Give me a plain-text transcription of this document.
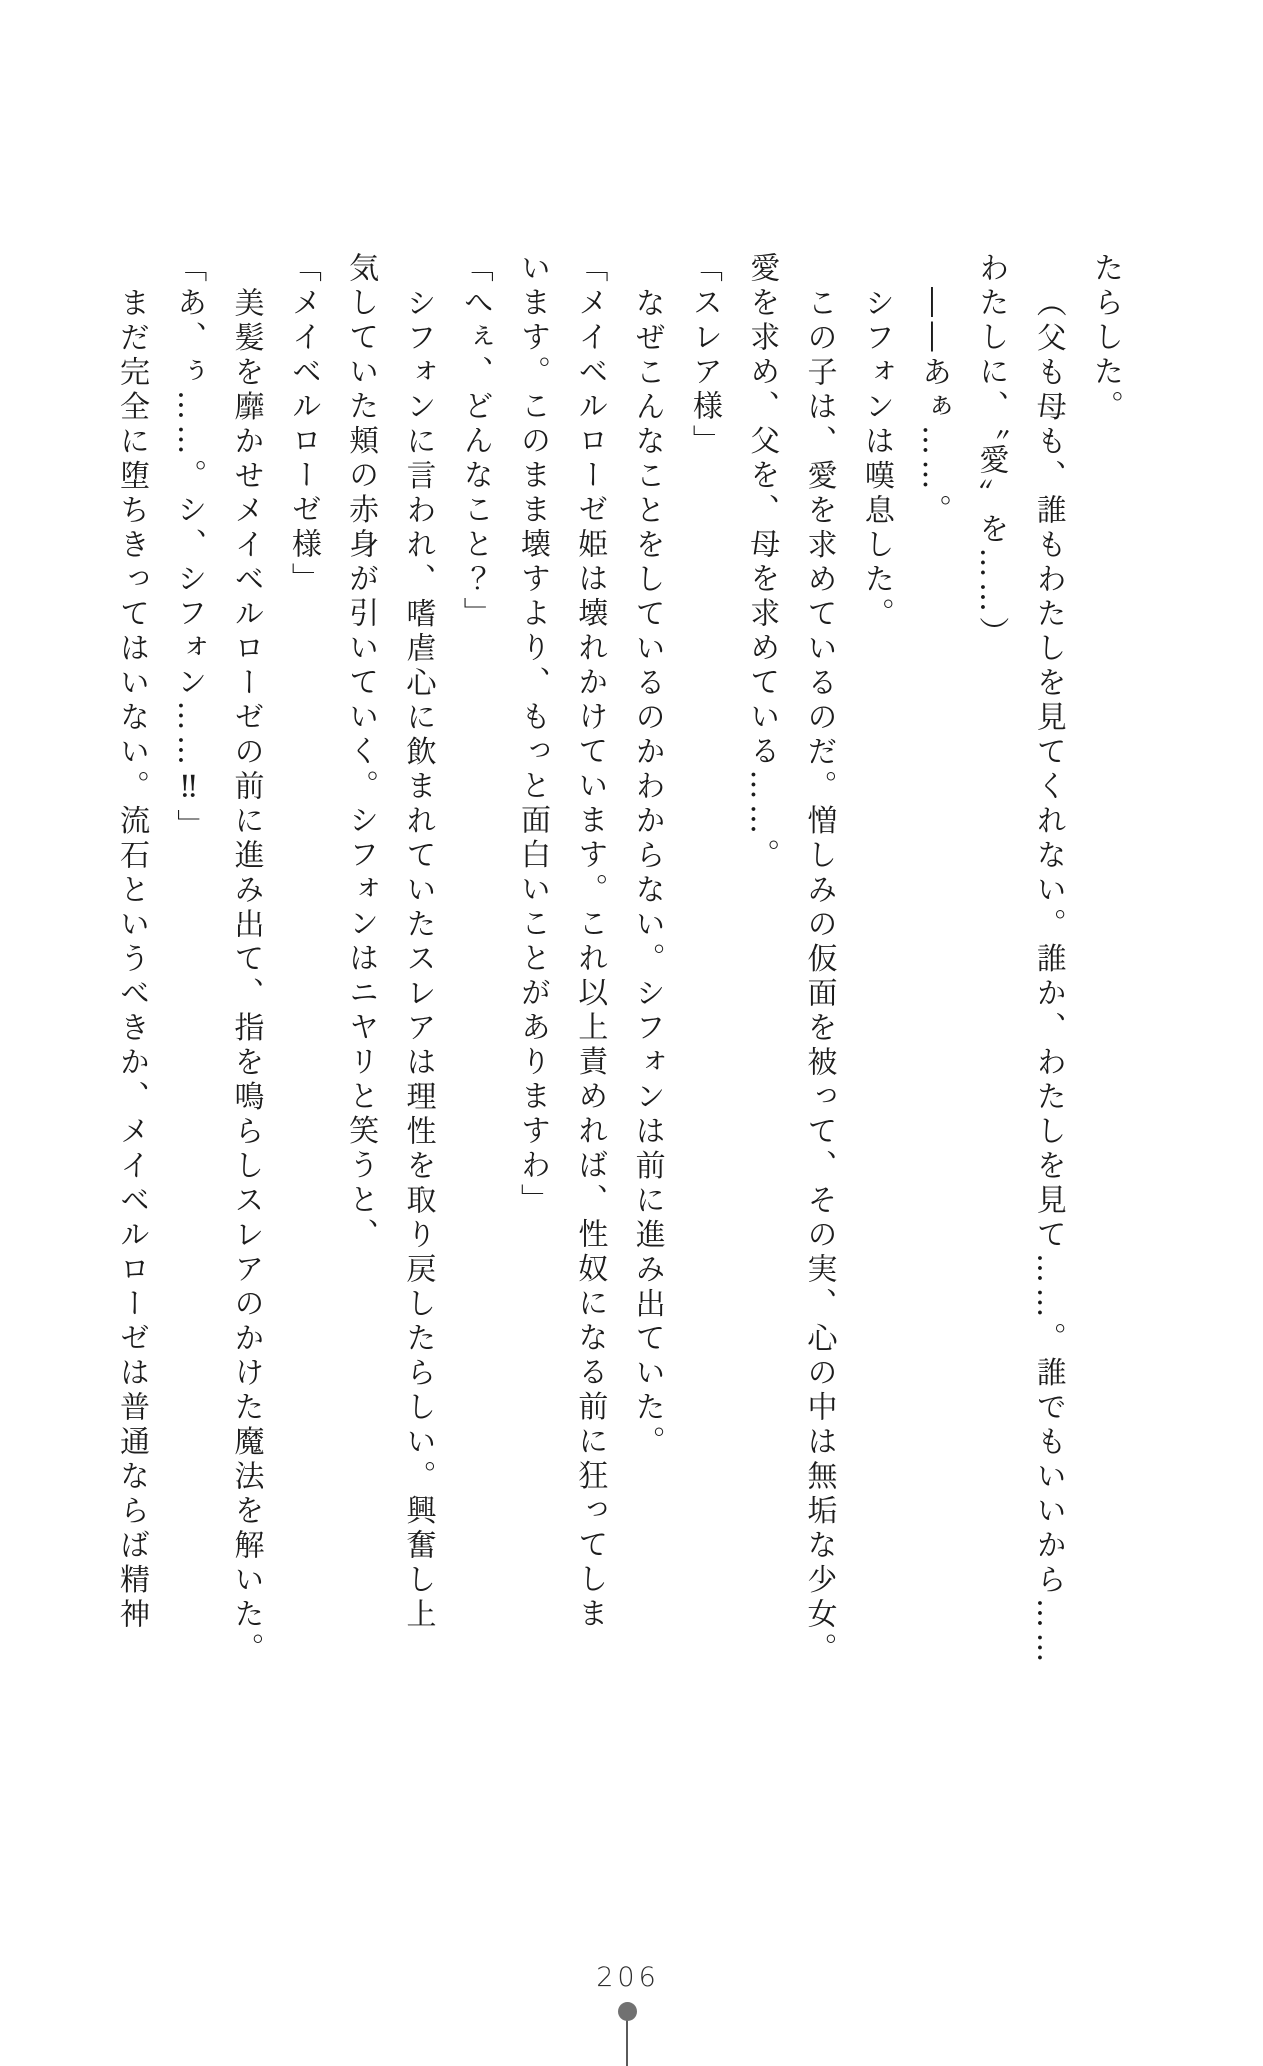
たらした。

（父も母も、誰もわたしを見てくれない。誰か、わたしを見て……。誰でもいいから……

わたしに、〝愛〟を……）

――あぁ……。

シフォンは嘆息した。

この子は、愛を求めているのだ。憎しみの仮面を被って、その実、心の中は無垢な少女。

愛を求め、父を、母を求めている……。

「スレア様」

なぜこんなことをしているのかわからない。シフォンは前に進み出ていた。

「メイベルローゼ姫は壊れかけています。これ以上責めれば、性奴になる前に狂ってしま

います。このまま壊すより、もっと面白いことがありますわ」

「へぇ、どんなこと？」

シフォンに言われ、嗜虐心に飲まれていたスレアは理性を取り戻したらしい。興奮し上

気していた頬の赤身が引いていく。シフォンはニヤリと笑うと、

「メイベルローゼ様」

美髪を靡かせメイベルローゼの前に進み出て、指を鳴らしスレアのかけた魔法を解いた。

「あ、ぅ……。シ、シフォン……‼」

まだ完全に堕ちきってはいない。流石というべきか、メイベルローゼは普通ならば精神

206
